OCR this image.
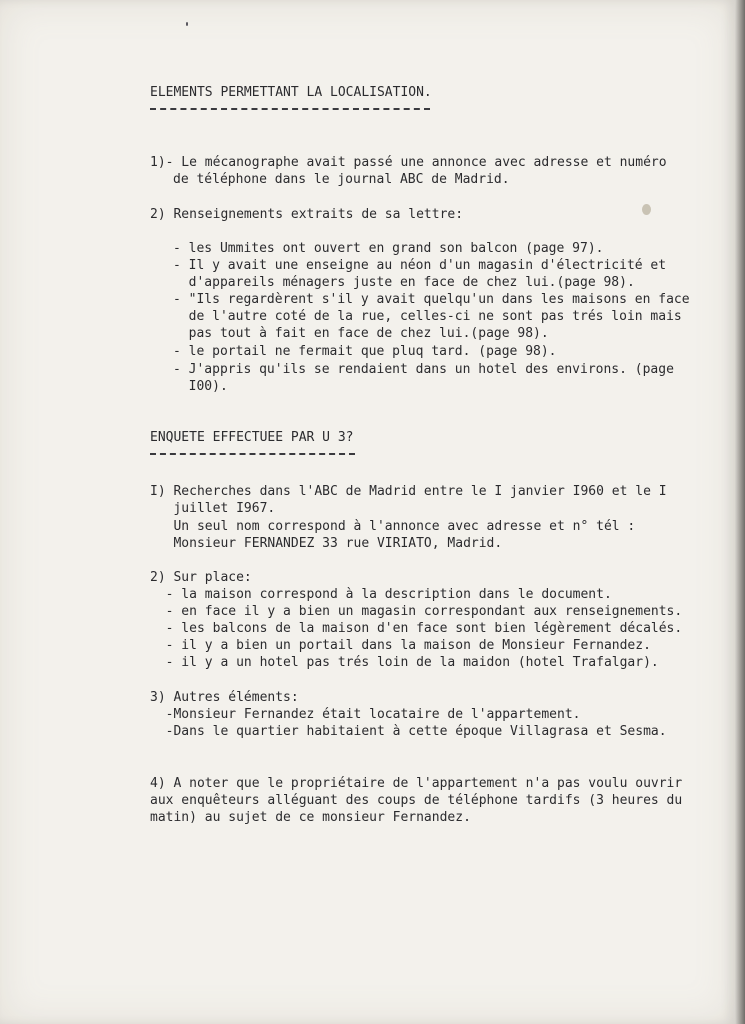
ELEMENTS PERMETTANT LA LOCALISATION.

1)- Le mécanographe avait passé une annonce avec adresse et numéro

de téléphone dans le journal ABC de Madrid.

2) Renseignements extraits de sa lettre:

- les Ummites ont ouvert en grand son balcon (page 97).

- Il y avait une enseigne au néon d'un magasin d'électricité et

d'appareils ménagers juste en face de chez lui.(page 98).

- "Ils regardèrent s'il y avait quelqu'un dans les maisons en face

de l'autre coté de la rue, celles-ci ne sont pas trés loin mais

pas tout à fait en face de chez lui.(page 98).

- le portail ne fermait que pluq tard. (page 98).

- J'appris qu'ils se rendaient dans un hotel des environs. (page

I00).

ENQUETE EFFECTUEE PAR U 3?

I) Recherches dans l'ABC de Madrid entre le I janvier I960 et le I

juillet I967.

Un seul nom correspond à l'annonce avec adresse et n° tél :

Monsieur FERNANDEZ 33 rue VIRIATO, Madrid.

2) Sur place:

- la maison correspond à la description dans le document.

- en face il y a bien un magasin correspondant aux renseignements.

- les balcons de la maison d'en face sont bien légèrement décalés.

- il y a bien un portail dans la maison de Monsieur Fernandez.

- il y a un hotel pas trés loin de la maidon (hotel Trafalgar).

3) Autres éléments:

-Monsieur Fernandez était locataire de l'appartement.

-Dans le quartier habitaient à cette époque Villagrasa et Sesma.

4) A noter que le propriétaire de l'appartement n'a pas voulu ouvrir

aux enquêteurs alléguant des coups de téléphone tardifs (3 heures du

matin) au sujet de ce monsieur Fernandez.
